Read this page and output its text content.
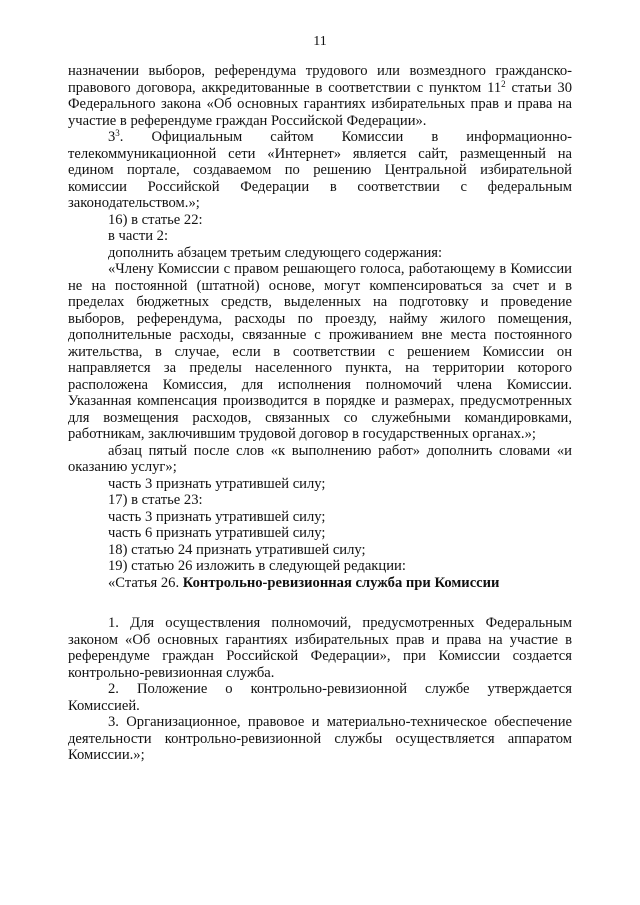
11

назначении выборов, референдума трудового или возмездного гражданско-правового договора, аккредитованные в соответствии с пунктом $11^2$ статьи 30 Федерального закона «Об основных гарантиях избирательных прав и права на участие в референдуме граждан Российской Федерации».

$3^3$. Официальным сайтом Комиссии в информационно-телекоммуникационной сети «Интернет» является сайт, размещенный на едином портале, создаваемом по решению Центральной избирательной комиссии Российской Федерации в соответствии с федеральным законодательством.»;

16) в статье 22:

в части 2:

дополнить абзацем третьим следующего содержания:

«Члену Комиссии с правом решающего голоса, работающему в Комиссии не на постоянной (штатной) основе, могут компенсироваться за счет и в пределах бюджетных средств, выделенных на подготовку и проведение выборов, референдума, расходы по проезду, найму жилого помещения, дополнительные расходы, связанные с проживанием вне места постоянного жительства, в случае, если в соответствии с решением Комиссии он направляется за пределы населенного пункта, на территории которого расположена Комиссия, для исполнения полномочий члена Комиссии. Указанная компенсация производится в порядке и размерах, предусмотренных для возмещения расходов, связанных со служебными командировками, работникам, заключившим трудовой договор в государственных органах.»;

абзац пятый после слов «к выполнению работ» дополнить словами «и оказанию услуг»;

часть 3 признать утратившей силу;

17) в статье 23:

часть 3 признать утратившей силу;

часть 6 признать утратившей силу;

18) статью 24 признать утратившей силу;

19) статью 26 изложить в следующей редакции:

«Статья 26. Контрольно-ревизионная служба при Комиссии

1. Для осуществления полномочий, предусмотренных Федеральным законом «Об основных гарантиях избирательных прав и права на участие в референдуме граждан Российской Федерации», при Комиссии создается контрольно-ревизионная служба.

2. Положение о контрольно-ревизионной службе утверждается Комиссией.

3. Организационное, правовое и материально-техническое обеспечение деятельности контрольно-ревизионной службы осуществляется аппаратом Комиссии.»;
